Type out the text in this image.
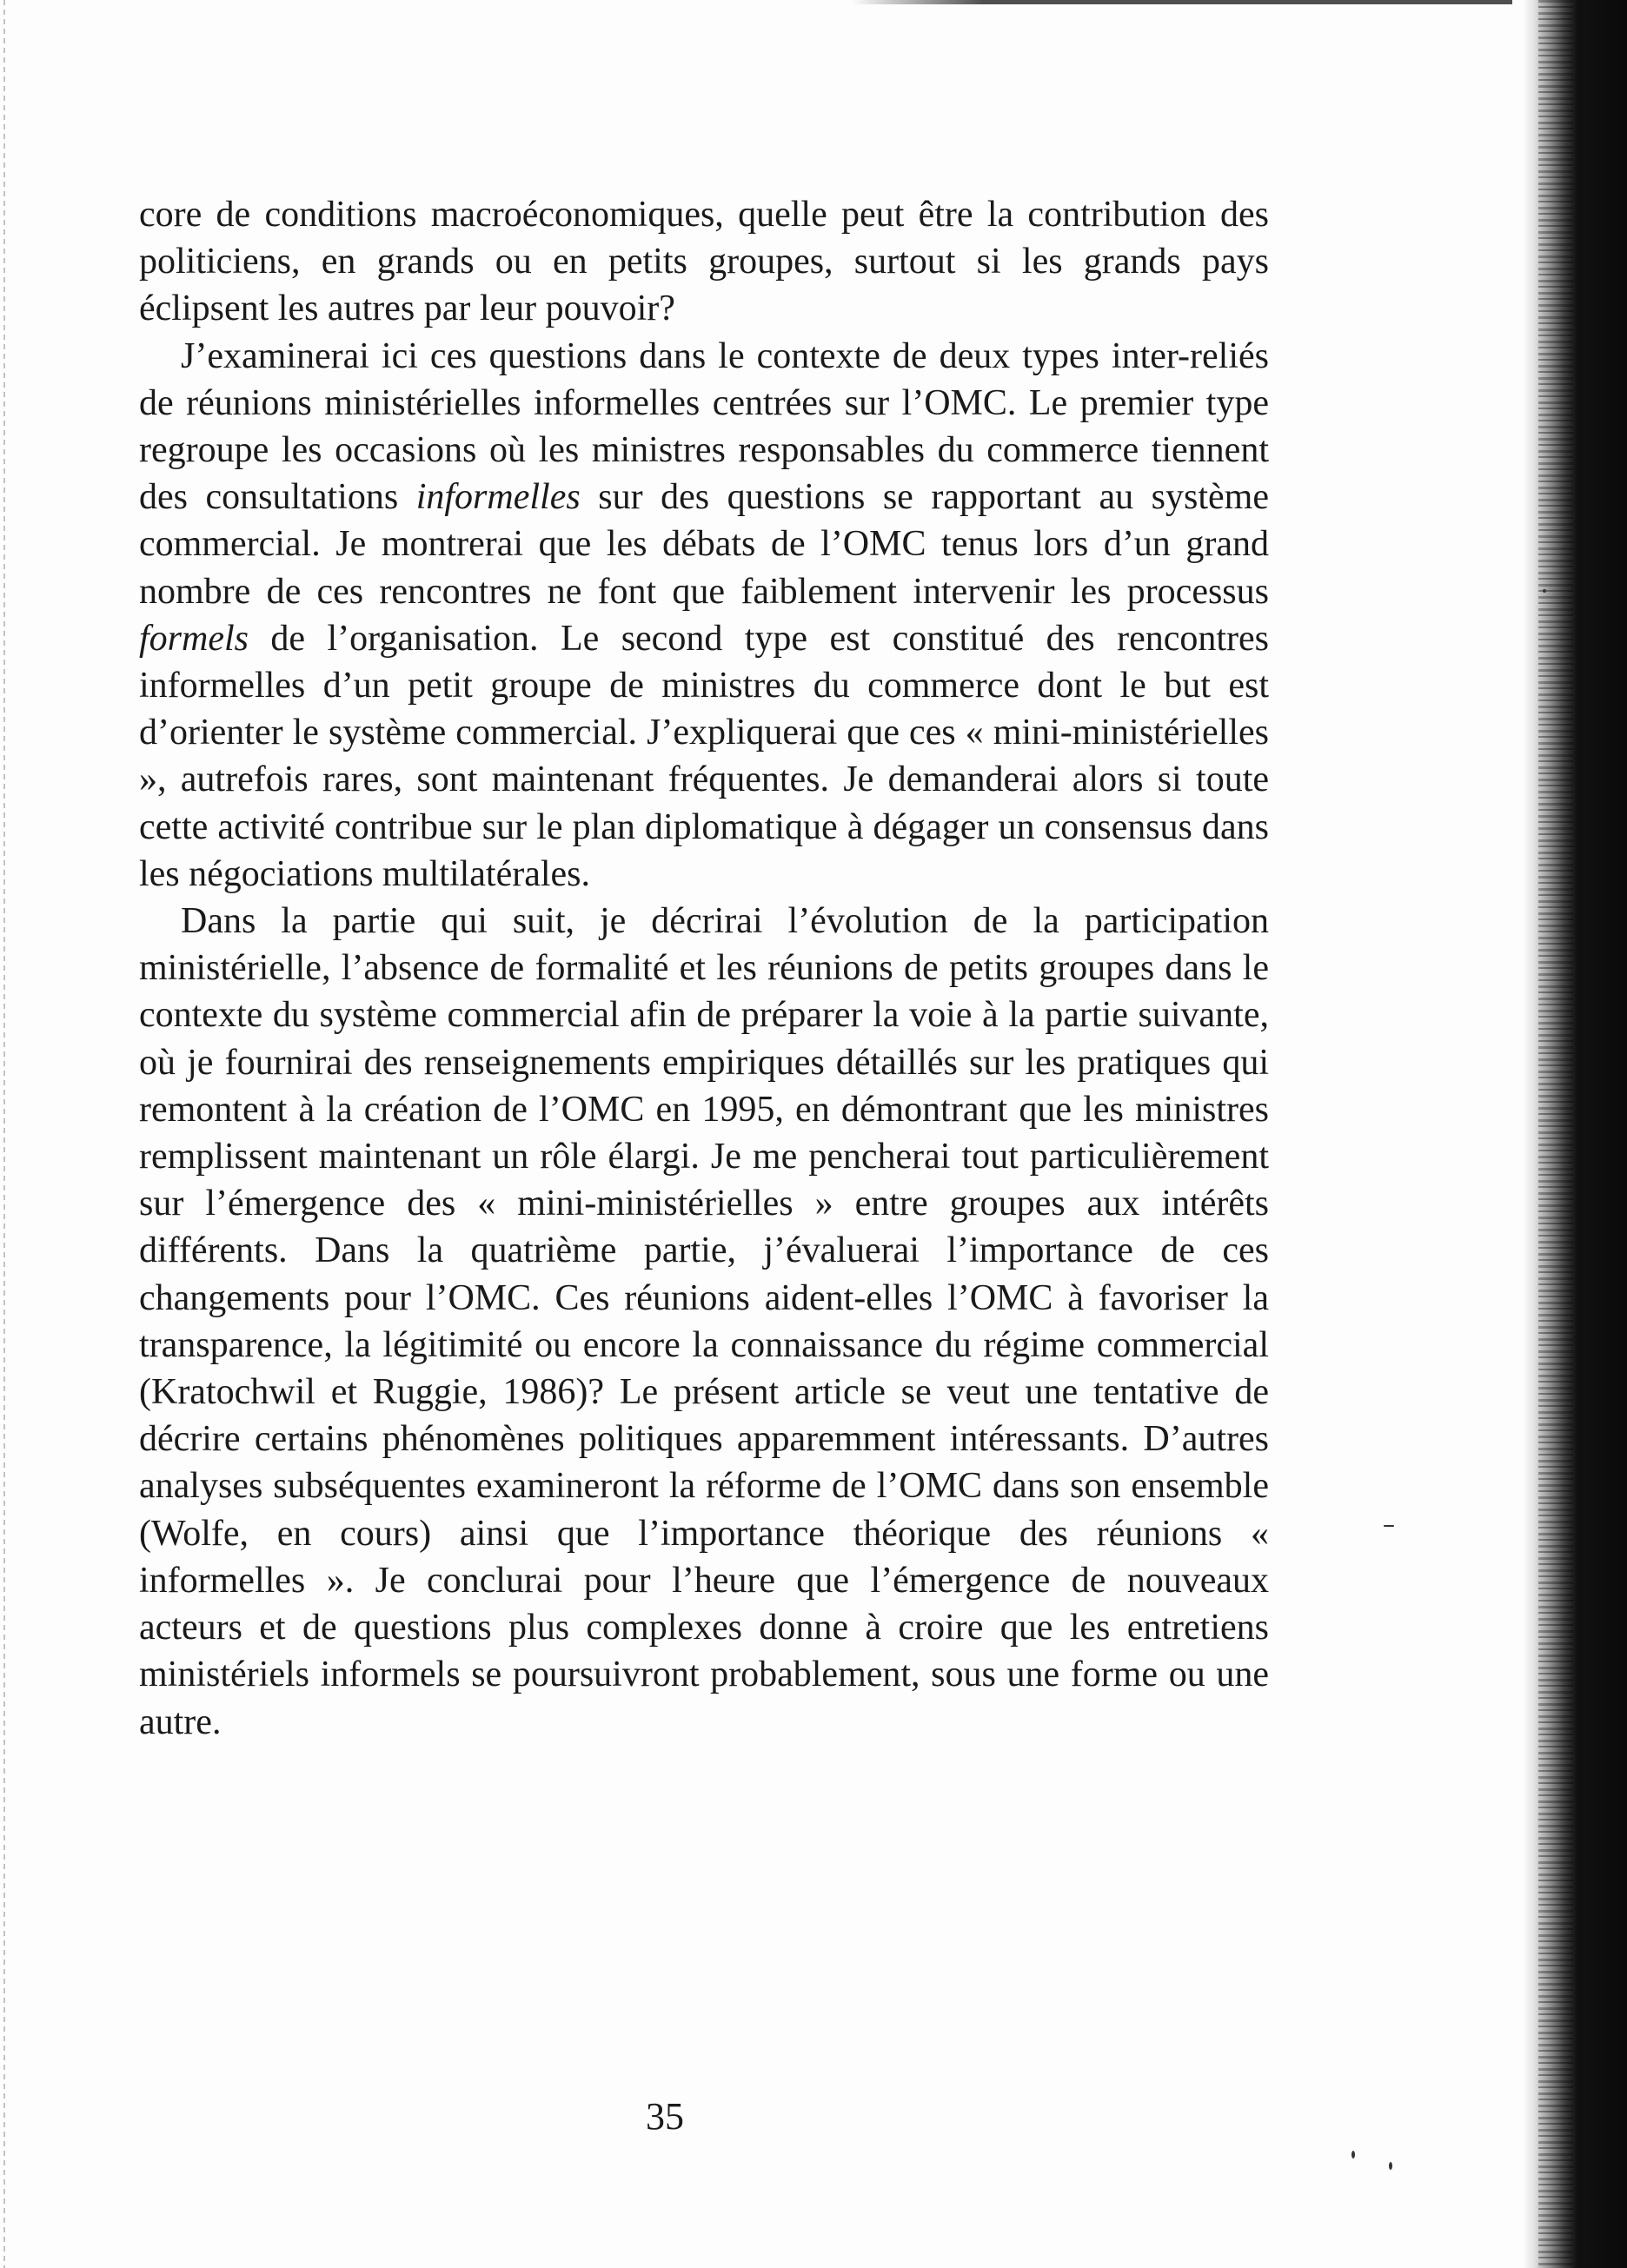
core de conditions macroéconomiques, quelle peut être la contribution des politiciens, en grands ou en petits groupes, surtout si les grands pays éclipsent les autres par leur pouvoir?

J’examinerai ici ces questions dans le contexte de deux types inter-reliés de réunions ministérielles informelles centrées sur l’OMC. Le premier type regroupe les occasions où les ministres responsables du commerce tiennent des consultations informelles sur des questions se rapportant au système commercial. Je montrerai que les débats de l’OMC tenus lors d’un grand nombre de ces rencontres ne font que faiblement intervenir les processus formels de l’organisation. Le second type est constitué des rencontres informelles d’un petit groupe de ministres du commerce dont le but est d’orienter le système commercial. J’expliquerai que ces « mini-ministérielles », autrefois rares, sont maintenant fréquentes. Je demanderai alors si toute cette activité contribue sur le plan diplomatique à dégager un consensus dans les négociations multilatérales.

Dans la partie qui suit, je décrirai l’évolution de la participation ministérielle, l’absence de formalité et les réunions de petits groupes dans le contexte du système commercial afin de préparer la voie à la partie suivante, où je fournirai des renseignements empiriques détaillés sur les pratiques qui remontent à la création de l’OMC en 1995, en démontrant que les ministres remplissent maintenant un rôle élargi. Je me pencherai tout particulièrement sur l’émergence des « mini-ministérielles » entre groupes aux intérêts différents. Dans la quatrième partie, j’évaluerai l’importance de ces changements pour l’OMC. Ces réunions aident-elles l’OMC à favoriser la transparence, la légitimité ou encore la connaissance du régime commercial (Kratochwil et Ruggie, 1986)? Le présent article se veut une tentative de décrire certains phénomènes politiques apparemment intéressants. D’autres analyses subséquentes examineront la réforme de l’OMC dans son ensemble (Wolfe, en cours) ainsi que l’importance théorique des réunions « informelles ». Je conclurai pour l’heure que l’émergence de nouveaux acteurs et de questions plus complexes donne à croire que les entretiens ministériels informels se poursuivront probablement, sous une forme ou une autre.

35
